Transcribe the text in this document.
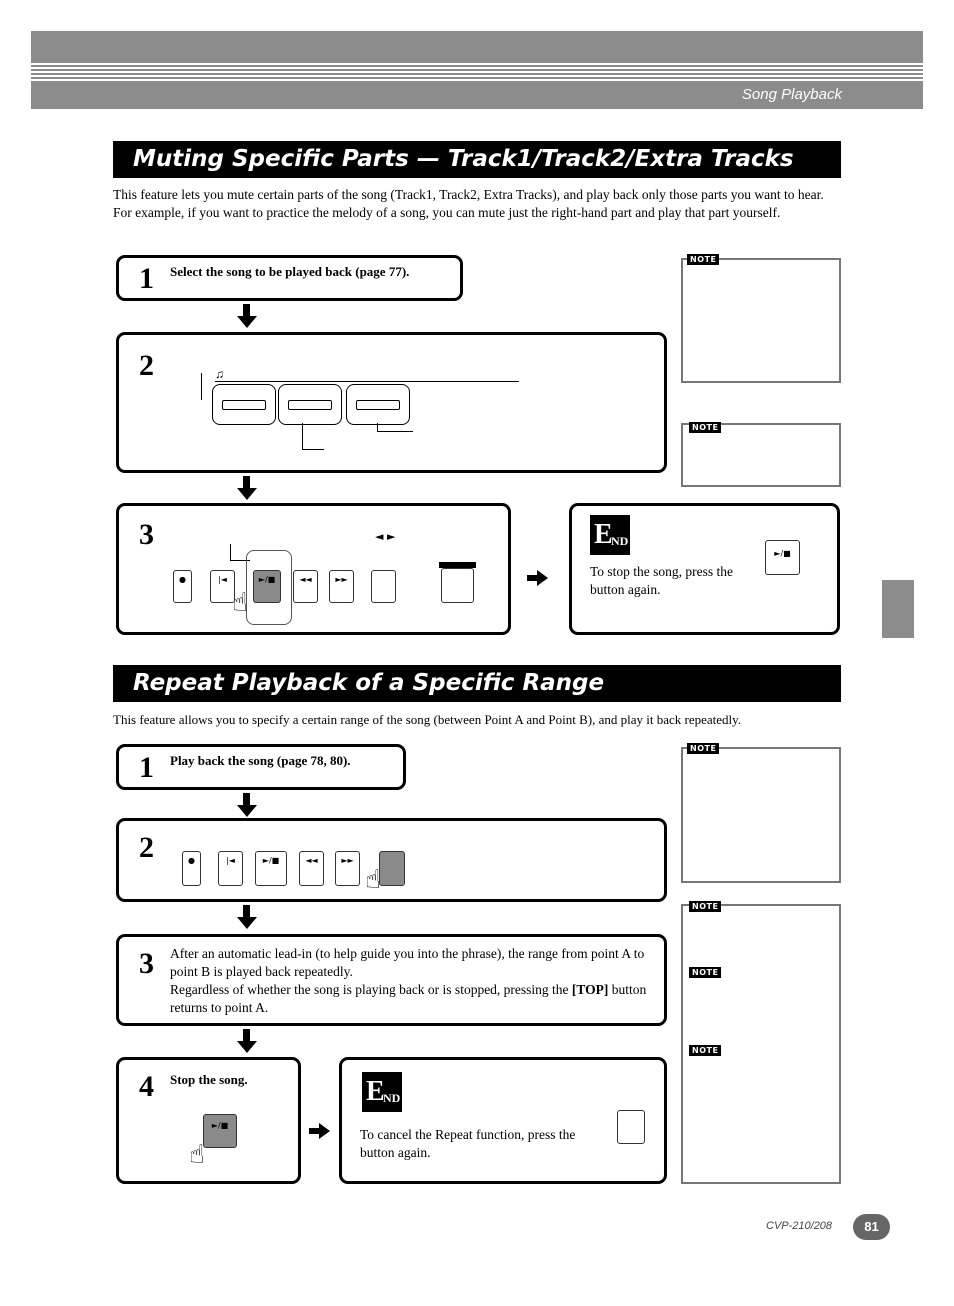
Song Playback
Muting Specific Parts — Track1/Track2/Extra Tracks
This feature lets you mute certain parts of the song (Track1, Track2, Extra Tracks), and play back only those parts you want to hear. For example, if you want to practice the melody of a song, you can mute just the right-hand part and play that part yourself.
1 Select the song to be played back (page 77).
2	♫
NOTE
NOTE
3	◄ ►
●	|◄	►/■	◄◄	►►
☝
E
ND
To stop the song, press the button again.
►/■
Repeat Playback of a Specific Range
This feature allows you to specify a certain range of the song (between Point A and Point B), and play it back repeatedly.
1 Play back the song (page 78, 80).
2	●	|◄	►/■	◄◄	►►
☝
3 After an automatic lead-in (to help guide you into the phrase), the range from point A to point B is played back repeatedly.
Regardless of whether the song is playing back or is stopped, pressing the [TOP] button returns to point A.
4 Stop the song.
►/■
☝
E
ND
To cancel the Repeat function, press the button again.
NOTE
NOTE
NOTE
NOTE
CVP-210/208	81
